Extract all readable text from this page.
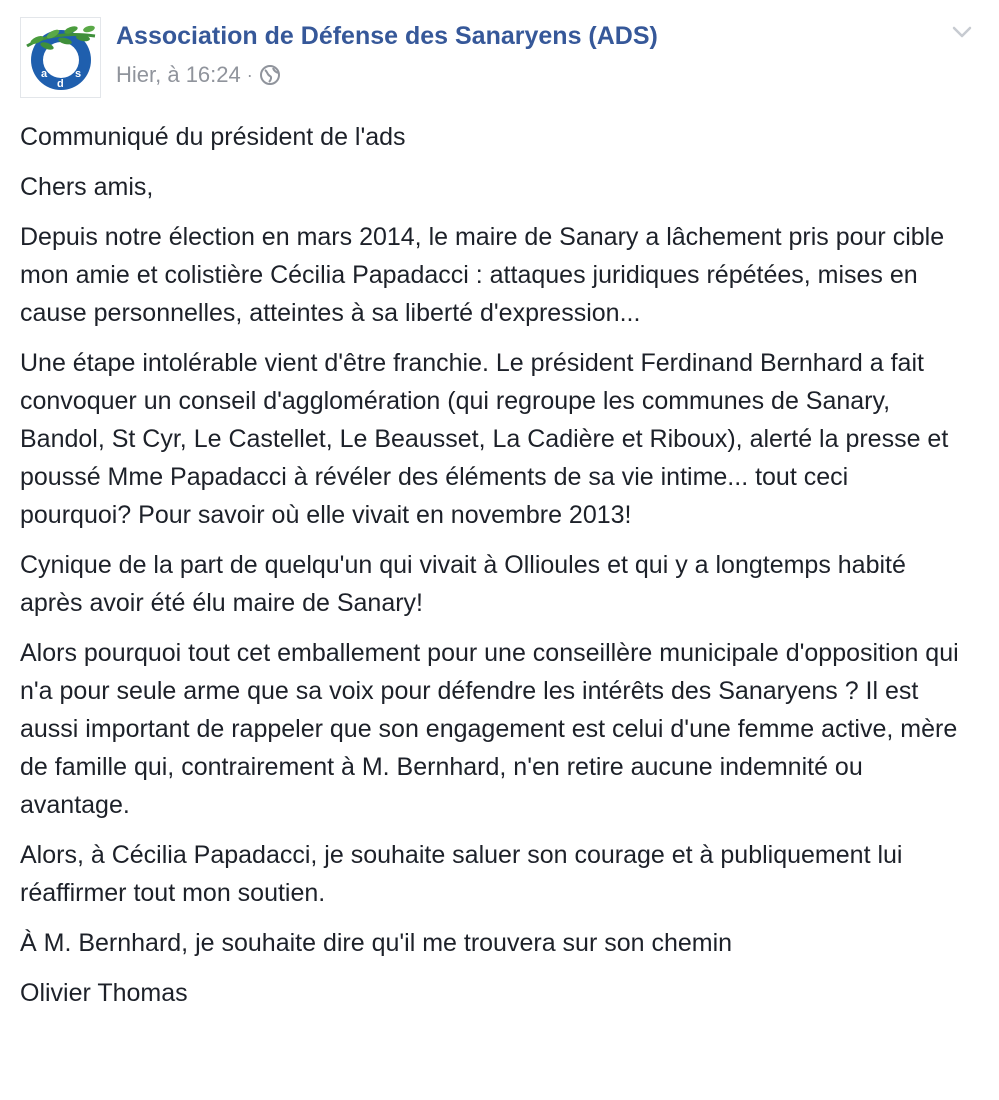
a
d
s
Association de Défense des Sanaryens (ADS)
Hier, à 16:24 ·

Communiqué du président de l'ads

Chers amis,

Depuis notre élection en mars 2014, le maire de Sanary a lâchement pris pour cible mon amie et colistière Cécilia Papadacci : attaques juridiques répétées, mises en cause personnelles, atteintes à sa liberté d'expression...

Une étape intolérable vient d'être franchie. Le président Ferdinand Bernhard a fait convoquer un conseil d'agglomération (qui regroupe les communes de Sanary, Bandol, St Cyr, Le Castellet, Le Beausset, La Cadière et Riboux), alerté la presse et poussé Mme Papadacci à révéler des éléments de sa vie intime... tout ceci pourquoi? Pour savoir où elle vivait en novembre 2013!

Cynique de la part de quelqu'un qui vivait à Ollioules et qui y a longtemps habité après avoir été élu maire de Sanary!

Alors pourquoi tout cet emballement pour une conseillère municipale d'opposition qui n'a pour seule arme que sa voix pour défendre les intérêts des Sanaryens ? Il est aussi important de rappeler que son engagement est celui d'une femme active, mère de famille qui, contrairement à M. Bernhard, n'en retire aucune indemnité ou avantage.

Alors, à Cécilia Papadacci, je souhaite saluer son courage et à publiquement lui réaffirmer tout mon soutien.

À M. Bernhard, je souhaite dire qu'il me trouvera sur son chemin

Olivier Thomas
